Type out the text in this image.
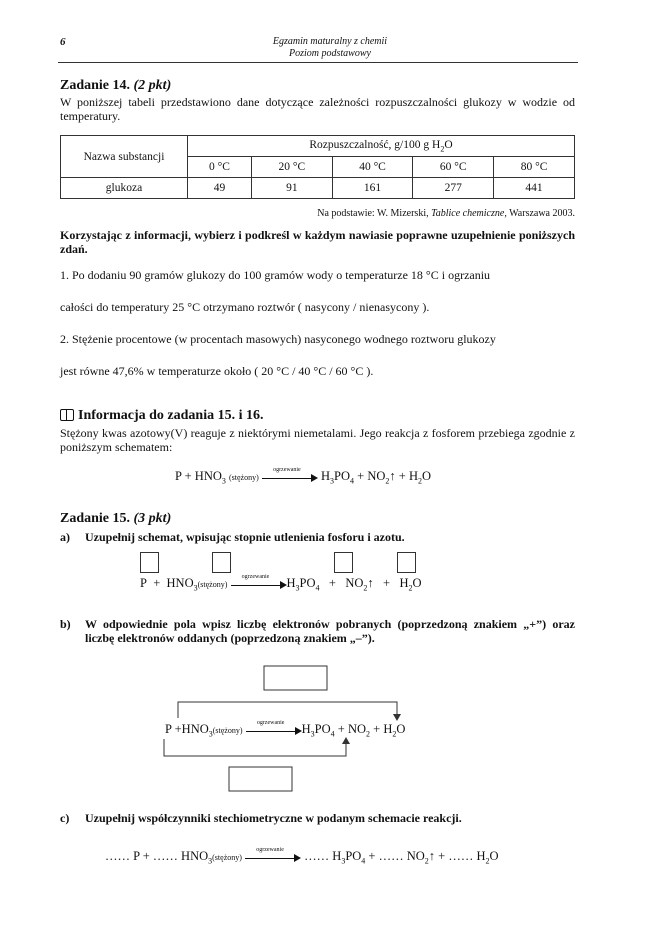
6	Egzamin maturalny z chemii
Poziom podstawowy
Zadanie 14. (2 pkt)
W poniższej tabeli przedstawiono dane dotyczące zależności rozpuszczalności glukozy w wodzie od temperatury.
Nazwa substancji	Rozpuszczalność, g/100 g $H_2O$				
	0 °C	20 °C	40 °C	60 °C	80 °C
glukoza	49	91	161	277	441
Na podstawie: W. Mizerski, Tablice chemiczne, Warszawa 2003.
Korzystając z informacji, wybierz i podkreśl w każdym nawiasie poprawne uzupełnienie poniższych zdań.
1. Po dodaniu 90 gramów glukozy do 100 gramów wody o temperaturze 18 °C i ogrzaniu
całości do temperatury 25 °C otrzymano roztwór ( nasycony / nienasycony ).
2. Stężenie procentowe (w procentach masowych) nasyconego wodnego roztworu glukozy
jest równe 47,6% w temperaturze około ( 20 °C / 40 °C / 60 °C ).
Informacja do zadania 15. i 16.
Stężony kwas azotowy(V) reaguje z niektórymi niemetalami. Jego reakcja z fosforem przebiega zgodnie z poniższym schematem:
$P + HNO_3$ (stężony)
ogrzewanie	$H_3PO_4$ + $NO_2↑ + H_2O$
Zadanie 15. (3 pkt)
a) Uzupełnij schemat, wpisując stopnie utlenienia fosforu i azotu.
$P + HNO_3(stężony)$
ogrzewanie	$H_3PO_4$   +   $NO_2↑ + H_2O$
b) W odpowiednie pola wpisz liczbę elektronów pobranych (poprzedzoną znakiem „+”) oraz liczbę elektronów oddanych (poprzedzoną znakiem „–”).
$P +HNO_3(stężony)$
ogrzewanie	$H_3PO_4 + NO_2 + H_2O$
c) Uzupełnij współczynniki stechiometryczne w podanym schemacie reakcji.
…… P + …… $HNO_3(stężony)$
ogrzewanie	…… $H_3PO_4$ + …… $NO_2↑$ + …… $H_2O$
